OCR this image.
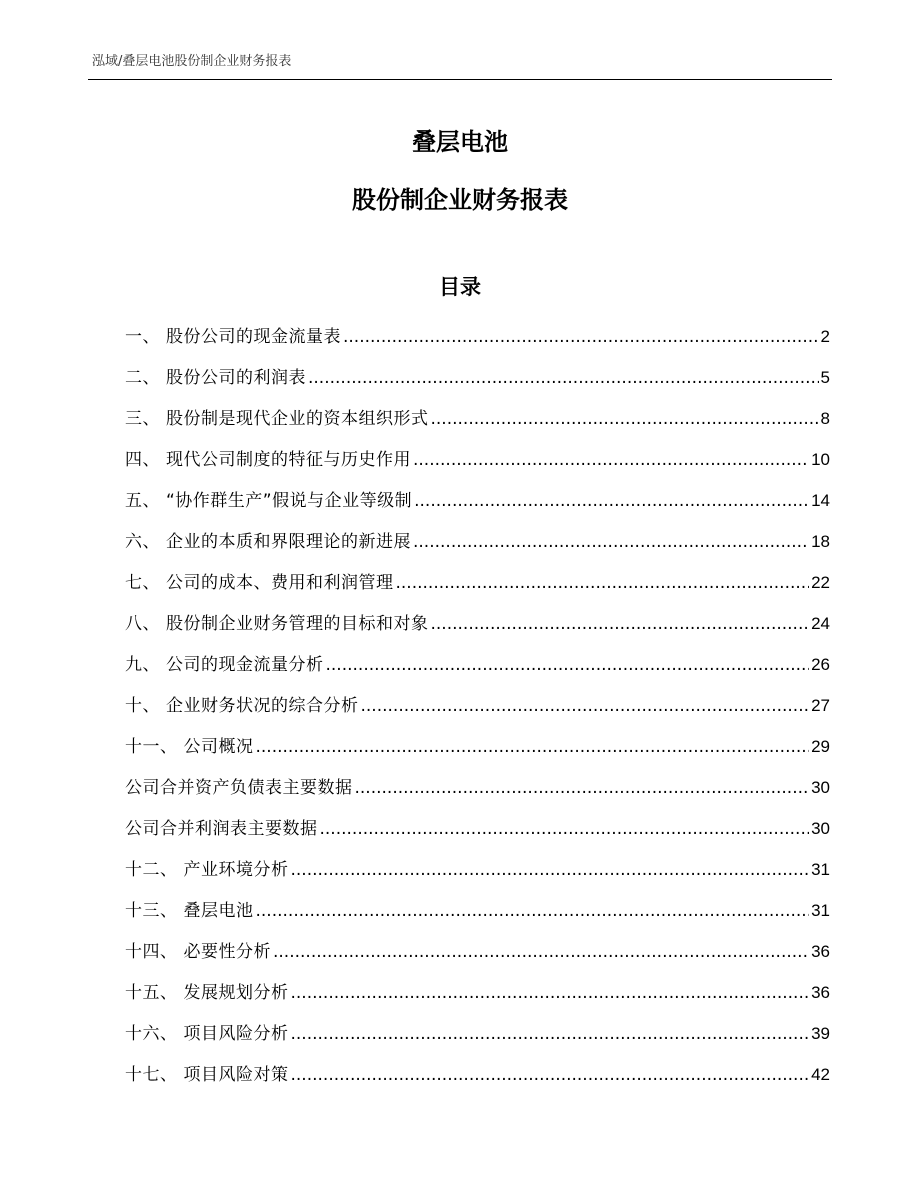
泓域/叠层电池股份制企业财务报表
叠层电池
股份制企业财务报表
目录
一、 股份公司的现金流量表 .....	2
二、 股份公司的利润表 .....	5
三、 股份制是现代企业的资本组织形式 .....	8
四、 现代公司制度的特征与历史作用 .....	10
五、 “协作群生产”假说与企业等级制 .....	14
六、 企业的本质和界限理论的新进展 .....	18
七、 公司的成本、费用和利润管理 .....	22
八、 股份制企业财务管理的目标和对象 .....	24
九、 公司的现金流量分析 .....	26
十、 企业财务状况的综合分析 .....	27
十一、 公司概况 .....	29
公司合并资产负债表主要数据 .....	30
公司合并利润表主要数据 .....	30
十二、 产业环境分析 .....	31
十三、 叠层电池 .....	31
十四、 必要性分析 .....	36
十五、 发展规划分析 .....	36
十六、 项目风险分析 .....	39
十七、 项目风险对策 .....	42
